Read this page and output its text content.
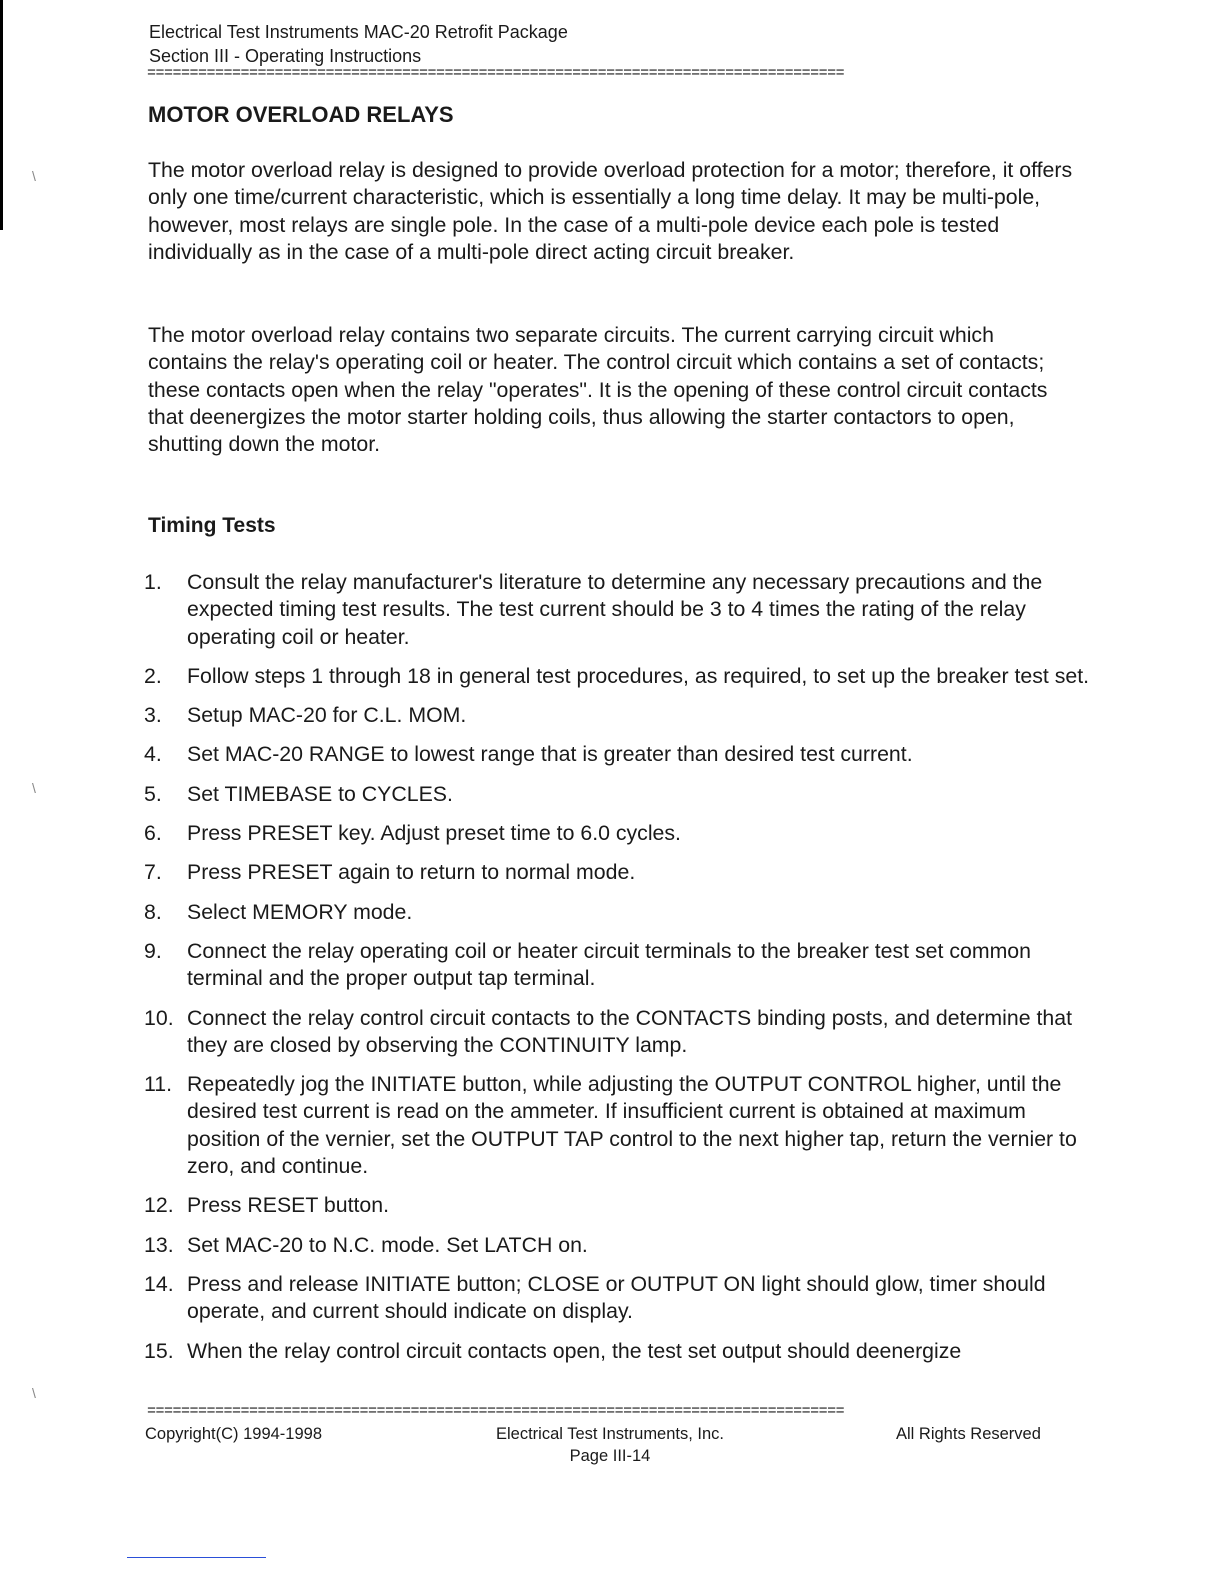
\
\
\
Electrical Test Instruments MAC-20 Retrofit Package
Section III - Operating Instructions
==================================================================================
MOTOR OVERLOAD RELAYS
The motor overload relay is designed to provide overload protection for a motor; therefore, it offers only one time/current characteristic, which is essentially a long time delay. It may be multi-pole, however, most relays are single pole. In the case of a multi-pole device each pole is tested individually as in the case of a multi-pole direct acting circuit breaker.
The motor overload relay contains two separate circuits. The current carrying circuit which contains the relay's operating coil or heater. The control circuit which contains a set of contacts; these contacts open when the relay "operates". It is the opening of these control circuit contacts that deenergizes the motor starter holding coils, thus allowing the starter contactors to open, shutting down the motor.
Timing Tests
1.	Consult the relay manufacturer's literature to determine any necessary precautions and the expected timing test results. The test current should be 3 to 4 times the rating of the relay operating coil or heater.
2.	Follow steps 1 through 18 in general test procedures, as required, to set up the breaker test set.
3.	Setup MAC-20 for C.L. MOM.
4.	Set MAC-20 RANGE to lowest range that is greater than desired test current.
5.	Set TIMEBASE to CYCLES.
6.	Press PRESET key. Adjust preset time to 6.0 cycles.
7.	Press PRESET again to return to normal mode.
8.	Select MEMORY mode.
9.	Connect the relay operating coil or heater circuit terminals to the breaker test set common terminal and the proper output tap terminal.
10. Connect the relay control circuit contacts to the CONTACTS binding posts, and determine that they are closed by observing the CONTINUITY lamp.
11. Repeatedly jog the INITIATE button, while adjusting the OUTPUT CONTROL higher, until the desired test current is read on the ammeter. If insufficient current is obtained at maximum position of the vernier, set the OUTPUT TAP control to the next higher tap, return the vernier to zero, and continue.
12. Press RESET button.
13. Set MAC-20 to N.C. mode. Set LATCH on.
14. Press and release INITIATE button; CLOSE or OUTPUT ON light should glow, timer should operate, and current should indicate on display.
15. When the relay control circuit contacts open, the test set output should deenergize
==================================================================================
Copyright(C) 1994-1998	Electrical Test Instruments, Inc.
Page III-14
All Rights Reserved
